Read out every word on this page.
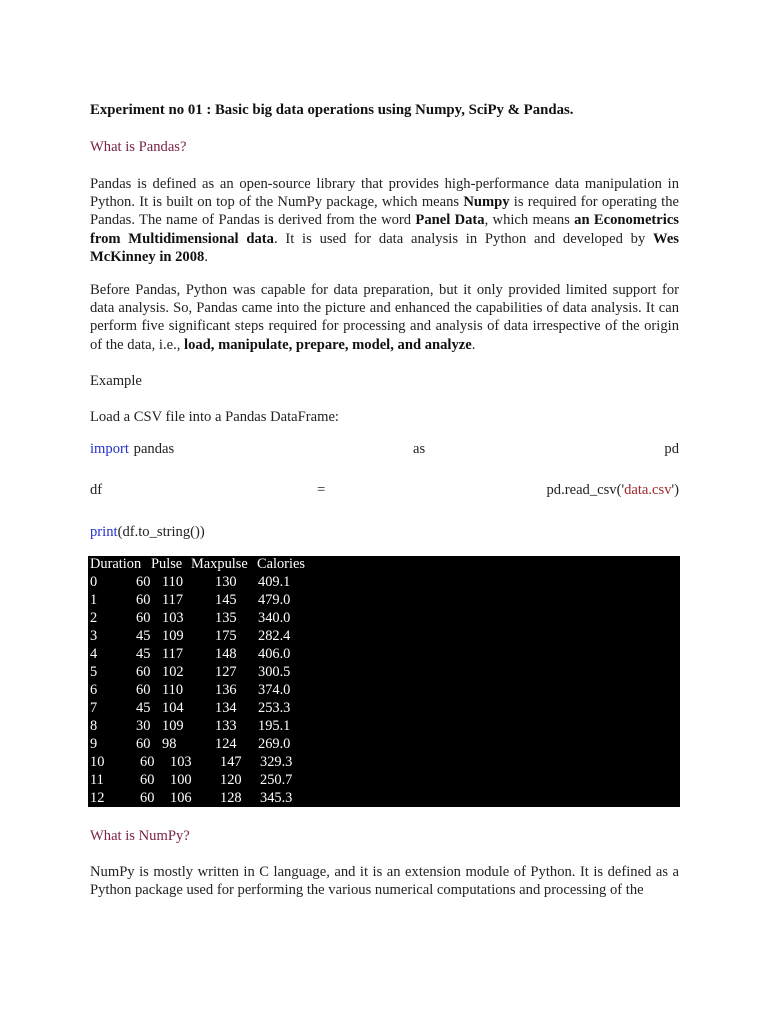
Experiment no 01 : Basic big data operations using Numpy, SciPy & Pandas.

What is Pandas?

Pandas is defined as an open-source library that provides high-performance data manipulation in Python. It is built on top of the NumPy package, which means Numpy is required for operating the Pandas. The name of Pandas is derived from the word Panel Data, which means an Econometrics from Multidimensional data. It is used for data analysis in Python and developed by Wes McKinney in 2008.

Before Pandas, Python was capable for data preparation, but it only provided limited support for data analysis. So, Pandas came into the picture and enhanced the capabilities of data analysis. It can perform five significant steps required for processing and analysis of data irrespective of the origin of the data, i.e., load, manipulate, prepare, model, and analyze.

Example

Load a CSV file into a Pandas DataFrame:

import pandas	as	pd
df	=	pd.read_csv('data.csv')
print(df.to_string())
Duration Pulse Maxpulse Calories
0	60 110 130 409.1
1	60 117 145 479.0
2	60 103 135 340.0
3	45 109 175 282.4
4	45 117 148 406.0
5	60 102 127 300.5
6	60 110 136 374.0
7	45 104 134 253.3
8	30 109 133 195.1
9	60 98	124 269.0
10 60 103 147 329.3
11	60 100 120 250.7
12 60 106 128 345.3

What is NumPy?

NumPy is mostly written in C language, and it is an extension module of Python. It is defined as a Python package used for performing the various numerical computations and processing of the
